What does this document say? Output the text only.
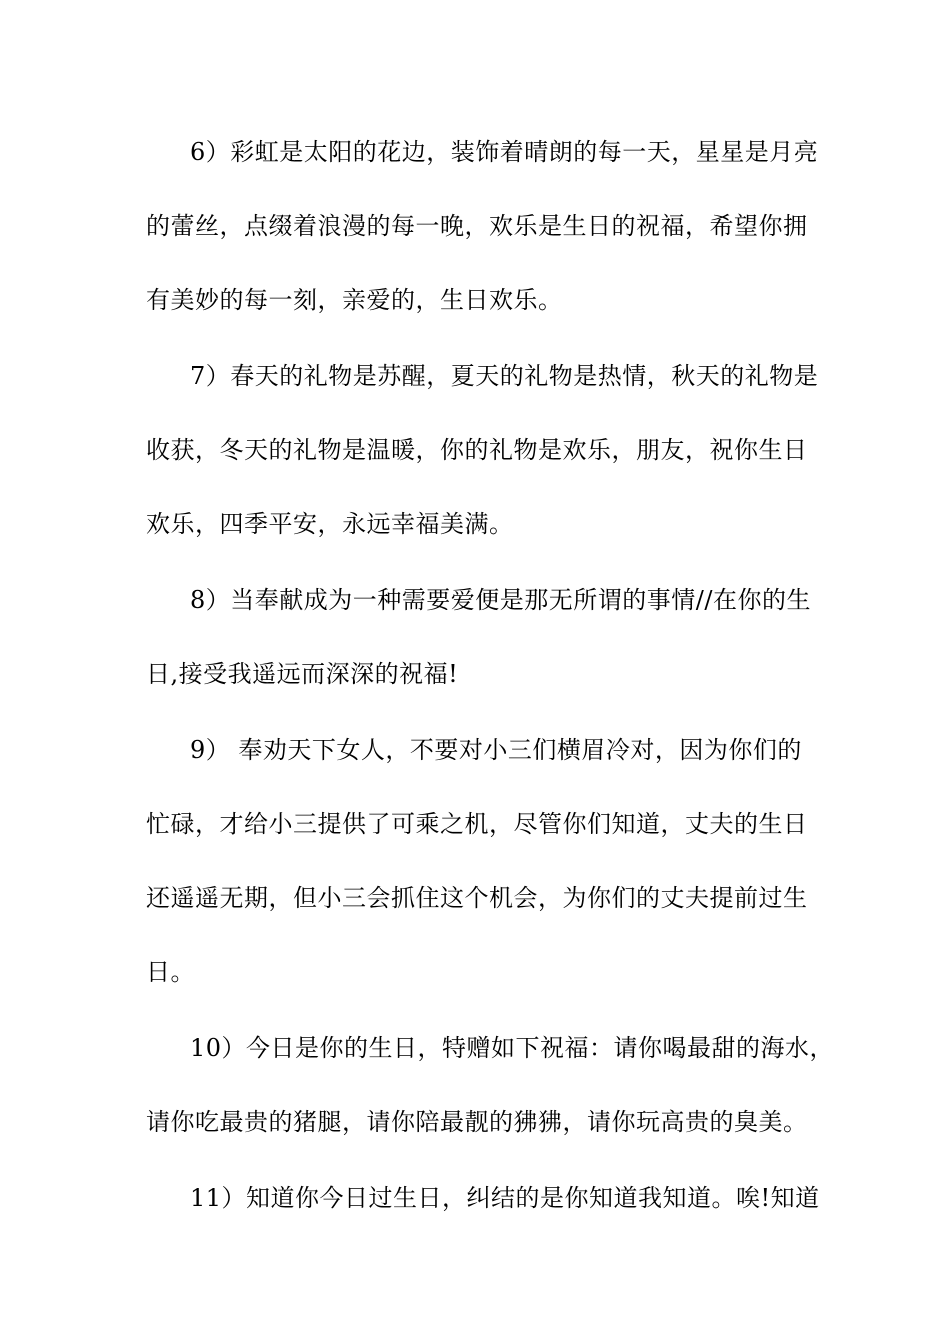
6）彩虹是太阳的花边，装饰着晴朗的每一天，星星是月亮
的蕾丝，点缀着浪漫的每一晚，欢乐是生日的祝福，希望你拥
有美妙的每一刻，亲爱的，生日欢乐。
7）春天的礼物是苏醒，夏天的礼物是热情，秋天的礼物是
收获，冬天的礼物是温暖，你的礼物是欢乐，朋友，祝你生日
欢乐，四季平安，永远幸福美满。
8）当奉献成为一种需要爱便是那无所谓的事情//在你的生
日,接受我遥远而深深的祝福!
9） 奉劝天下女人，不要对小三们横眉冷对，因为你们的
忙碌，才给小三提供了可乘之机，尽管你们知道，丈夫的生日
还遥遥无期，但小三会抓住这个机会，为你们的丈夫提前过生
日。
10）今日是你的生日，特赠如下祝福：请你喝最甜的海水，
请你吃最贵的猪腿，请你陪最靓的狒狒，请你玩高贵的臭美。
11）知道你今日过生日，纠结的是你知道我知道。唉!知道
